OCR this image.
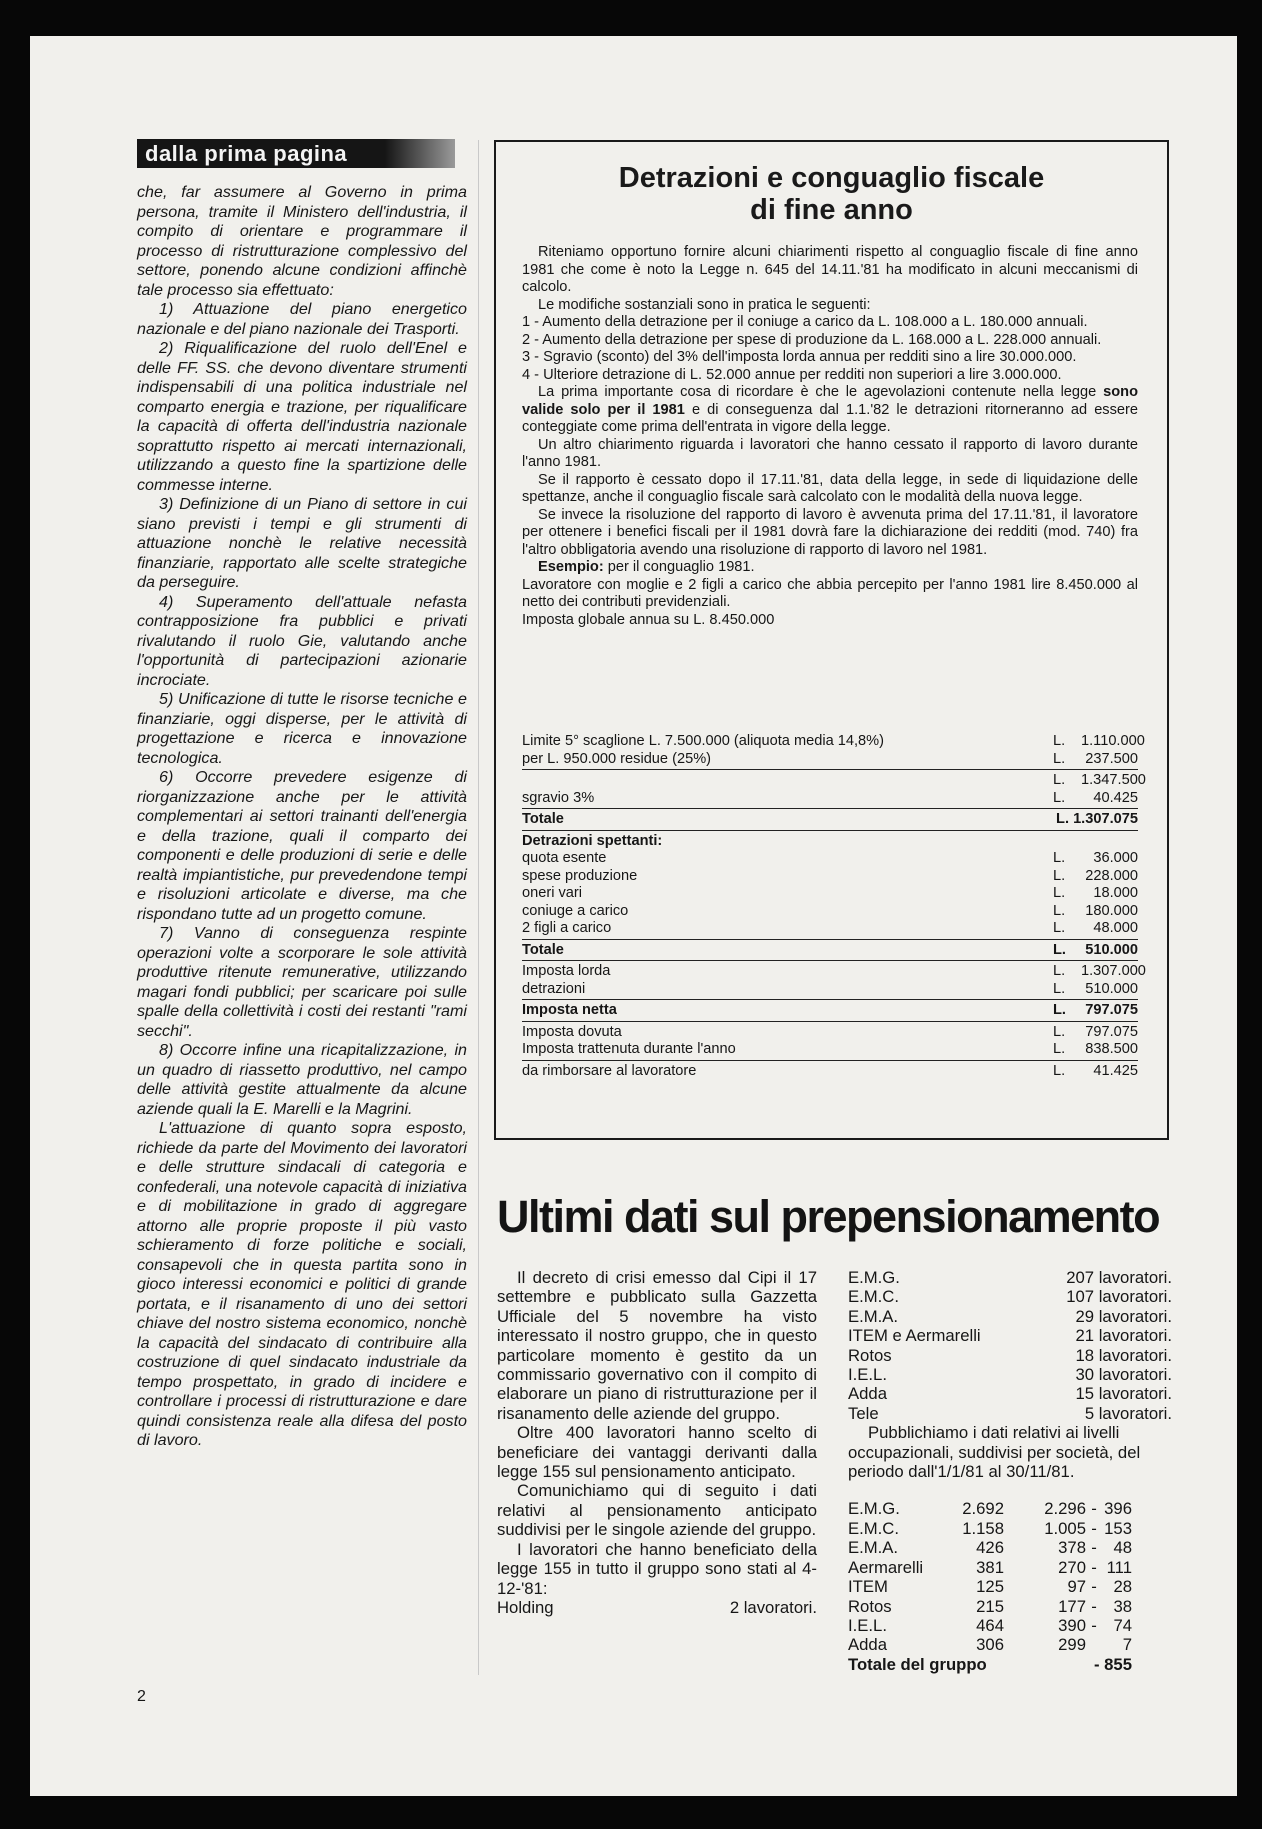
dalla prima pagina

che, far assumere al Governo in prima persona, tramite il Ministero dell'industria, il compito di orientare e programmare il processo di ristrutturazione complessivo del settore, ponendo alcune condizioni affinchè tale processo sia effettuato:

1) Attuazione del piano energetico nazionale e del piano nazionale dei Trasporti.

2) Riqualificazione del ruolo dell'Enel e delle FF. SS. che devono diventare strumenti indispensabili di una politica industriale nel comparto energia e trazione, per riqualificare la capacità di offerta dell'industria nazionale soprattutto rispetto ai mercati internazionali, utilizzando a questo fine la spartizione delle commesse interne.

3) Definizione di un Piano di settore in cui siano previsti i tempi e gli strumenti di attuazione nonchè le relative necessità finanziarie, rapportato alle scelte strategiche da perseguire.

4) Superamento dell'attuale nefasta contrapposizione fra pubblici e privati rivalutando il ruolo Gie, valutando anche l'opportunità di partecipazioni azionarie incrociate.

5) Unificazione di tutte le risorse tecniche e finanziarie, oggi disperse, per le attività di progettazione e ricerca e innovazione tecnologica.

6) Occorre prevedere esigenze di riorganizzazione anche per le attività complementari ai settori trainanti dell'energia e della trazione, quali il comparto dei componenti e delle produzioni di serie e delle realtà impiantistiche, pur prevedendone tempi e risoluzioni articolate e diverse, ma che rispondano tutte ad un progetto comune.

7) Vanno di conseguenza respinte operazioni volte a scorporare le sole attività produttive ritenute remunerative, utilizzando magari fondi pubblici; per scaricare poi sulle spalle della collettività i costi dei restanti "rami secchi".

8) Occorre infine una ricapitalizzazione, in un quadro di riassetto produttivo, nel campo delle attività gestite attualmente da alcune aziende quali la E. Marelli e la Magrini.

L'attuazione di quanto sopra esposto, richiede da parte del Movimento dei lavoratori e delle strutture sindacali di categoria e confederali, una notevole capacità di iniziativa e di mobilitazione in grado di aggregare attorno alle proprie proposte il più vasto schieramento di forze politiche e sociali, consapevoli che in questa partita sono in gioco interessi economici e politici di grande portata, e il risanamento di uno dei settori chiave del nostro sistema economico, nonchè la capacità del sindacato di contribuire alla costruzione di quel sindacato industriale da tempo prospettato, in grado di incidere e controllare i processi di ristrutturazione e dare quindi consistenza reale alla difesa del posto di lavoro.

2
Detrazioni e conguaglio fiscale
di fine anno

Riteniamo opportuno fornire alcuni chiarimenti rispetto al conguaglio fiscale di fine anno 1981 che come è noto la Legge n. 645 del 14.11.'81 ha modificato in alcuni meccanismi di calcolo.

Le modifiche sostanziali sono in pratica le seguenti:

1 - Aumento della detrazione per il coniuge a carico da L. 108.000 a L. 180.000 annuali.

2 - Aumento della detrazione per spese di produzione da L. 168.000 a L. 228.000 annuali.

3 - Sgravio (sconto) del 3% dell'imposta lorda annua per redditi sino a lire 30.000.000.

4 - Ulteriore detrazione di L. 52.000 annue per redditi non superiori a lire 3.000.000.

La prima importante cosa di ricordare è che le agevolazioni contenute nella legge sono valide solo per il 1981 e di conseguenza dal 1.1.'82 le detrazioni ritorneranno ad essere conteggiate come prima dell'entrata in vigore della legge.

Un altro chiarimento riguarda i lavoratori che hanno cessato il rapporto di lavoro durante l'anno 1981.

Se il rapporto è cessato dopo il 17.11.'81, data della legge, in sede di liquidazione delle spettanze, anche il conguaglio fiscale sarà calcolato con le modalità della nuova legge.

Se invece la risoluzione del rapporto di lavoro è avvenuta prima del 17.11.'81, il lavoratore per ottenere i benefici fiscali per il 1981 dovrà fare la dichiarazione dei redditi (mod. 740) fra l'altro obbligatoria avendo una risoluzione di rapporto di lavoro nel 1981.

Esempio: per il conguaglio 1981.

Lavoratore con moglie e 2 figli a carico che abbia percepito per l'anno 1981 lire 8.450.000 al netto dei contributi previdenziali.

Imposta globale annua su L. 8.450.000

Limite 5° scaglione L. 7.500.000 (aliquota media 14,8%)	L.	1.110.000
per L. 950.000 residue (25%)	L.	237.500
L.	1.347.500
sgravio 3%	L.	40.425
Totale	L. 1.307.075
Detrazioni spettanti:
quota esente	L.	36.000
spese produzione	L.	228.000
oneri vari	L.	18.000
coniuge a carico	L.	180.000
2 figli a carico	L.	48.000
Totale	L.	510.000
Imposta lorda	L.	1.307.000
detrazioni	L.	510.000
Imposta netta	L.	797.075
Imposta dovuta	L.	797.075
Imposta trattenuta durante l'anno	L.	838.500
da rimborsare al lavoratore	L.	41.425
Ultimi dati sul prepensionamento

Il decreto di crisi emesso dal Cipi il 17 settembre e pubblicato sulla Gazzetta Ufficiale del 5 novembre ha visto interessato il nostro gruppo, che in questo particolare momento è gestito da un commissario governativo con il compito di elaborare un piano di ristrutturazione per il risanamento delle aziende del gruppo.

Oltre 400 lavoratori hanno scelto di beneficiare dei vantaggi derivanti dalla legge 155 sul pensionamento anticipato.

Comunichiamo qui di seguito i dati relativi al pensionamento anticipato suddivisi per le singole aziende del gruppo.

I lavoratori che hanno beneficiato della legge 155 in tutto il gruppo sono stati al 4-12-'81:

Holding	2 lavoratori.
E.M.G.	207 lavoratori.
E.M.C.	107 lavoratori.
E.M.A.	29 lavoratori.
ITEM e Aermarelli	21 lavoratori.
Rotos	18 lavoratori.
I.E.L.	30 lavoratori.
Adda	15 lavoratori.
Tele	5 lavoratori.

Pubblichiamo i dati relativi ai livelli occupazionali, suddivisi per società, del periodo dall'1/1/81 al 30/11/81.

E.M.G.	2.692	2.296 - 396
E.M.C.	1.158	1.005 - 153
E.M.A.	426	378 - 48
Aermarelli	381	270 - 111
ITEM	125	97 - 28
Rotos	215	177 - 38
I.E.L.	464	390 - 74
Adda	306	299	7
Totale del gruppo	- 855
